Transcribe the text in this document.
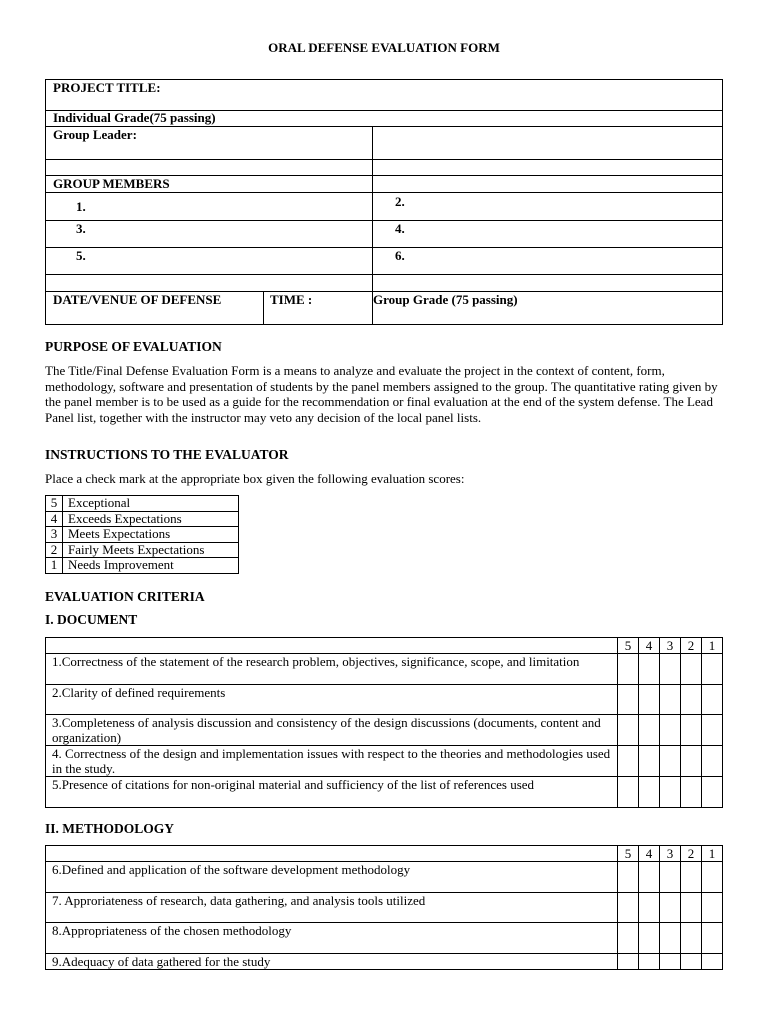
ORAL DEFENSE EVALUATION FORM
PROJECT TITLE:
Individual Grade(75 passing)
Group Leader:
GROUP MEMBERS
1.	2.
3.	4.
5.	6.
DATE/VENUE OF DEFENSE	TIME :	Group Grade (75 passing)
PURPOSE OF EVALUATION
The Title/Final Defense Evaluation Form is a means to analyze and evaluate the project in the context of content, form, methodology, software and presentation of students by the panel members assigned to the group. The quantitative rating given by the panel member is to be used as a guide for the recommendation or final evaluation at the end of the system defense. The Lead Panel list, together with the instructor may veto any decision of the local panel lists.
INSTRUCTIONS TO THE EVALUATOR
Place a check mark at the appropriate box given the following evaluation scores:
5	Exceptional
4	Exceeds Expectations
3	Meets Expectations
2	Fairly Meets Expectations
1	Needs Improvement
EVALUATION CRITERIA
I. DOCUMENT
	5	4	3	2	1
1.Correctness of the statement of the research problem, objectives, significance, scope, and limitation					
2.Clarity of defined requirements					
3.Completeness of analysis discussion and consistency of the design discussions (documents, content and organization)					
4. Correctness of the design and implementation issues with respect to the theories and methodologies used in the study.					
5.Presence of citations for non-original material and sufficiency of the list of references used					
II. METHODOLOGY
	5	4	3	2	1
6.Defined and application of the software development methodology					
7. Approriateness of research, data gathering, and analysis tools utilized					
8.Appropriateness of the chosen methodology					
9.Adequacy of data gathered for the study					
